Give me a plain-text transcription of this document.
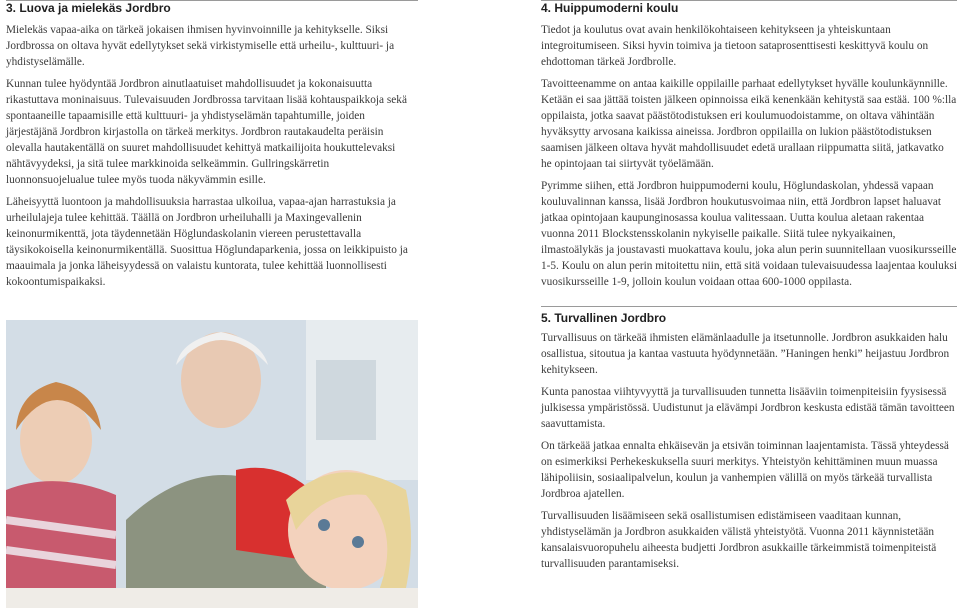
3. Luova ja mielekäs Jordbro

Mielekäs vapaa-aika on tärkeä jokaisen ihmisen hyvinvoinnille ja kehitykselle. Siksi Jordbrossa on oltava hyvät edellytykset sekä virkistymiselle että urheilu-, kulttuuri- ja yhdistyselämälle.

Kunnan tulee hyödyntää Jordbron ainutlaatuiset mahdollisuudet ja kokonaisuutta rikastuttava moninaisuus. Tulevaisuuden Jordbrossa tarvitaan lisää kohtauspaikkoja sekä spontaaneille tapaamisille että kulttuuri- ja yhdistyselämän tapahtumille, joiden järjestäjänä Jordbron kirjastolla on tärkeä merkitys. Jordbron rautakaudelta peräisin olevalla hautakentällä on suuret mahdollisuudet kehittyä matkailijoita houkuttelevaksi nähtävyydeksi, ja sitä tulee markkinoida selkeämmin. Gullringskärretin luonnonsuojelualue tulee myös tuoda näkyvämmin esille.

Läheisyyttä luontoon ja mahdollisuuksia harrastaa ulkoilua, vapaa-ajan harrastuksia ja urheilulajeja tulee kehittää. Täällä on Jordbron urheiluhalli ja Maxingevallenin keinonurmikenttä, jota täydennetään Höglundaskolanin viereen perustettavalla täysikokoisella keinonurmikentällä. Suosittua Höglundaparkenia, jossa on leikkipuisto ja maauimala ja jonka läheisyydessä on valaistu kuntorata, tulee kehittää luonnollisesti kokoontumispaikaksi.

4. Huippumoderni koulu

Tiedot ja koulutus ovat avain henkilökohtaiseen kehitykseen ja yhteiskuntaan integroitumiseen. Siksi hyvin toimiva ja tietoon sataprosenttisesti keskittyvä koulu on ehdottoman tärkeä Jordbrolle.

Tavoitteenamme on antaa kaikille oppilaille parhaat edellytykset hyvälle koulunkäynnille. Ketään ei saa jättää toisten jälkeen opinnoissa eikä kenenkään kehitystä saa estää. 100 %:lla oppilaista, jotka saavat päästötodistuksen eri koulumuodoistamme, on oltava vähintään hyväksytty arvosana kaikissa aineissa. Jordbron oppilailla on lukion päästötodistuksen saamisen jälkeen oltava hyvät mahdollisuudet edetä urallaan riippumatta siitä, jatkavatko he opintojaan tai siirtyvät työelämään.

Pyrimme siihen, että Jordbron huippumoderni koulu, Höglundaskolan, yhdessä vapaan kouluvalinnan kanssa, lisää Jordbron houkutusvoimaa niin, että Jordbron lapset haluavat jatkaa opintojaan kaupunginosassa koulua valitessaan. Uutta koulua aletaan rakentaa vuonna 2011 Blockstensskolanin nykyiselle paikalle. Siitä tulee nykyaikainen, ilmastoälykäs ja joustavasti muokattava koulu, joka alun perin suunnitellaan vuosikursseille 1-5. Koulu on alun perin mitoitettu niin, että sitä voidaan tulevaisuudessa laajentaa kouluksi vuosikursseille 1-9, jolloin koulun voidaan ottaa 600-1000 oppilasta.

5. Turvallinen Jordbro

Turvallisuus on tärkeää ihmisten elämänlaadulle ja itsetunnolle. Jordbron asukkaiden halu osallistua, sitoutua ja kantaa vastuuta hyödynnetään. ”Haningen henki” heijastuu Jordbron kehitykseen.

Kunta panostaa viihtyvyyttä ja turvallisuuden tunnetta lisääviin toimenpiteisiin fyysisessä julkisessa ympäristössä. Uudistunut ja elävämpi Jordbron keskusta edistää tämän tavoitteen saavuttamista.

On tärkeää jatkaa ennalta ehkäisevän ja etsivän toiminnan laajentamista. Tässä yhteydessä on esimerkiksi Perhekeskuksella suuri merkitys. Yhteistyön kehittäminen muun muassa lähipoliisin, sosiaalipalvelun, koulun ja vanhempien välillä on myös tärkeää turvallista Jordbroa ajatellen.

Turvallisuuden lisäämiseen sekä osallistumisen edistämiseen vaaditaan kunnan, yhdistyselämän ja Jordbron asukkaiden välistä yhteistyötä. Vuonna 2011 käynnistetään kansalaisvuoropuhelu aiheesta budjetti Jordbron asukkaille tärkeimmistä toimenpiteistä turvallisuuden parantamiseksi.
